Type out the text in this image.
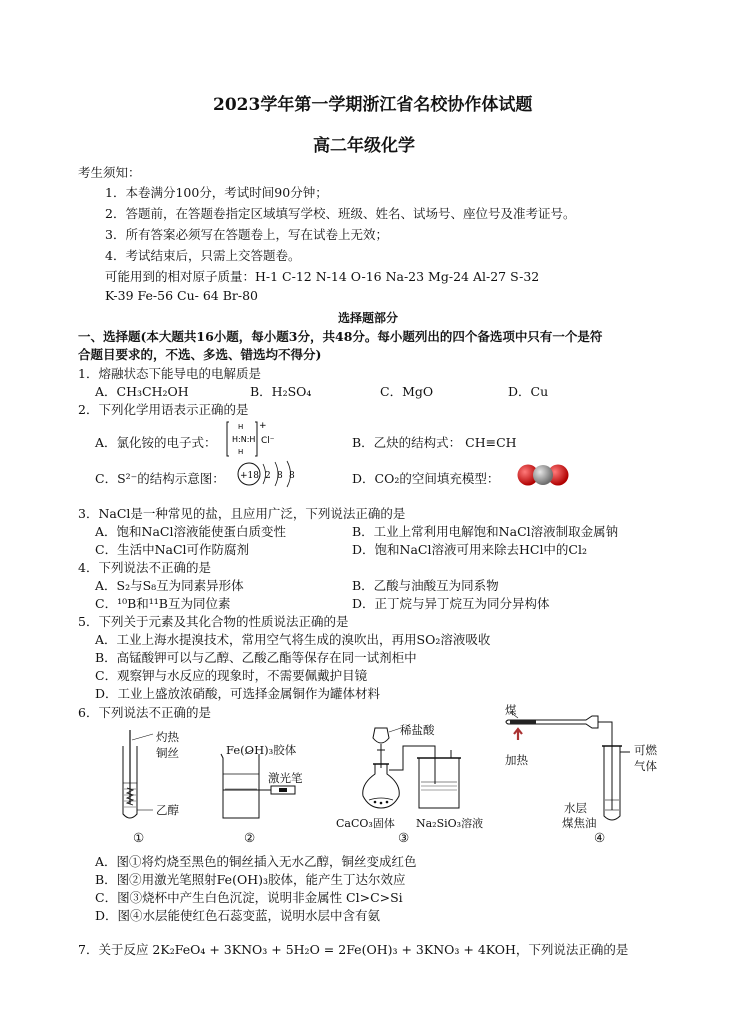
2023学年第一学期浙江省名校协作体试题
高二年级化学
考生须知：
1．本卷满分100分，考试时间90分钟；
2．答题前，在答题卷指定区域填写学校、班级、姓名、试场号、座位号及准考证号。
3．所有答案必须写在答题卷上，写在试卷上无效；
4．考试结束后，只需上交答题卷。
可能用到的相对原子质量：H-1 C-12 N-14 O-16 Na-23 Mg-24 Al-27 S-32
K-39 Fe-56 Cu- 64 Br-80
选择题部分
一、选择题(本大题共16小题，每小题3分，共48分。每小题列出的四个备选项中只有一个是符
合题目要求的，不选、多选、错选均不得分)
1．熔融状态下能导电的电解质是
A．CH₃CH₂OH	B．H₂SO₄	C．MgO	D．Cu
2．下列化学用语表示正确的是
A．氯化铵的电子式： H:N:H
H
H
+
Cl⁻	B．乙炔的结构式： CH≡CH
C．S²⁻的结构示意图： +18 2 8 8	D．CO₂的空间填充模型：
3．NaCl是一种常见的盐，且应用广泛，下列说法正确的是
A．饱和NaCl溶液能使蛋白质变性	B．工业上常利用电解饱和NaCl溶液制取金属钠
C．生活中NaCl可作防腐剂	D．饱和NaCl溶液可用来除去HCl中的Cl₂
4．下列说法不正确的是
A．S₂与S₈互为同素异形体	B．乙酸与油酸互为同系物
C．¹⁰B和¹¹B互为同位素	D．正丁烷与异丁烷互为同分异构体
5．下列关于元素及其化合物的性质说法正确的是
A．工业上海水提溴技术，常用空气将生成的溴吹出，再用SO₂溶液吸收
B．高锰酸钾可以与乙醇、乙酸乙酯等保存在同一试剂柜中
C．观察钾与水反应的现象时，不需要佩戴护目镜
D．工业上盛放浓硝酸，可选择金属铜作为罐体材料
6．下列说法不正确的是
灼热
铜丝
乙醇
①
Fe(OH)₃胶体
激光笔
②
稀盐酸
CaCO₃固体 Na₂SiO₃溶液
③
煤
加热
可燃
气体
水层
煤焦油
④
A．图①将灼烧至黑色的铜丝插入无水乙醇，铜丝变成红色
B．图②用激光笔照射Fe(OH)₃胶体，能产生丁达尔效应
C．图③烧杯中产生白色沉淀，说明非金属性 Cl>C>Si
D．图④水层能使红色石蕊变蓝，说明水层中含有氨
7．关于反应 2K₂FeO₄ + 3KNO₃ + 5H₂O = 2Fe(OH)₃ + 3KNO₃ + 4KOH，下列说法正确的是
